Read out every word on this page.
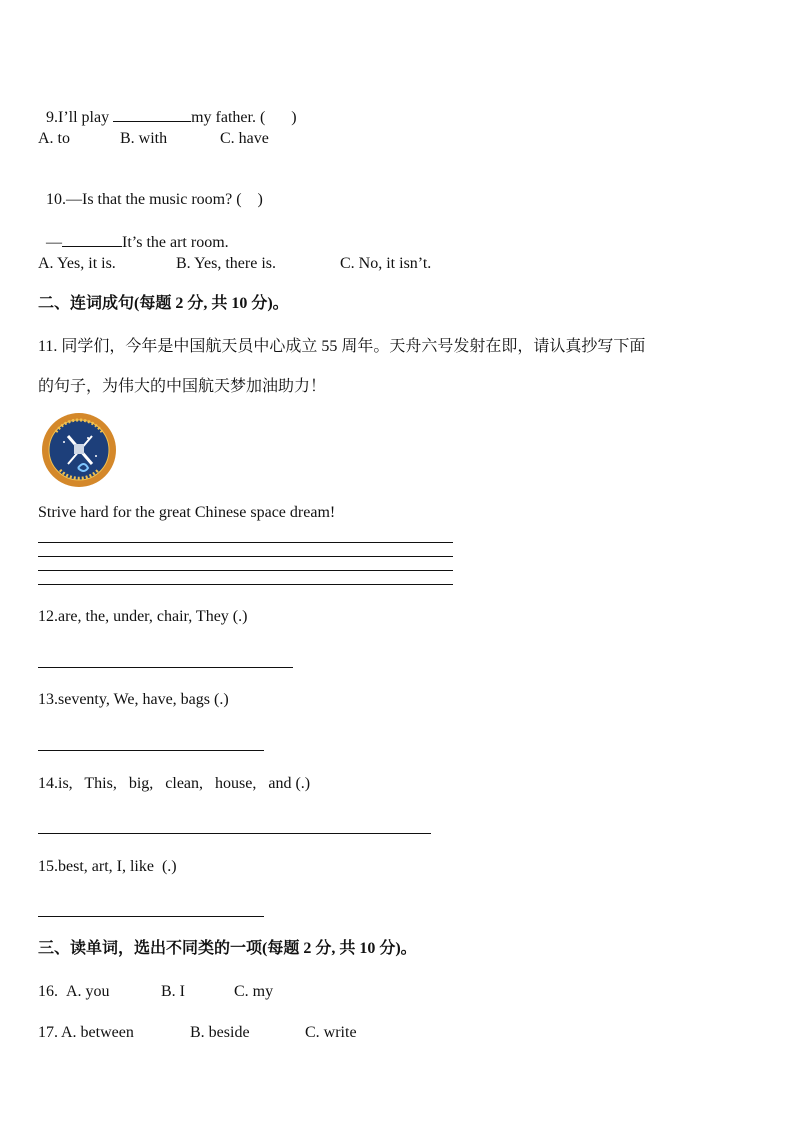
9.I’ll play	my father. ( )

A. to	B. with	C. have

10.—Is that the music room? ( )

—	It’s the art room.

A. Yes, it is.	B. Yes, there is.	C. No, it isn’t.
二、连词成句(每题 2 分, 共 10 分)。
11. 同学们，今年是中国航天员中心成立 55 周年。天舟六号发射在即，请认真抄写下面
的句子，为伟大的中国航天梦加油助力！
Strive hard for the great Chinese space dream!
12.are, the, under, chair, They (.)
13.seventy, We, have, bags (.)
14.is,   This,   big,   clean,   house,   and (.)
15.best, art, I, like  (.)
三、读单词，选出不同类的一项(每题 2 分, 共 10 分)。
16. A. you	B. I	C. my
17. A. between	B. beside	C. write
